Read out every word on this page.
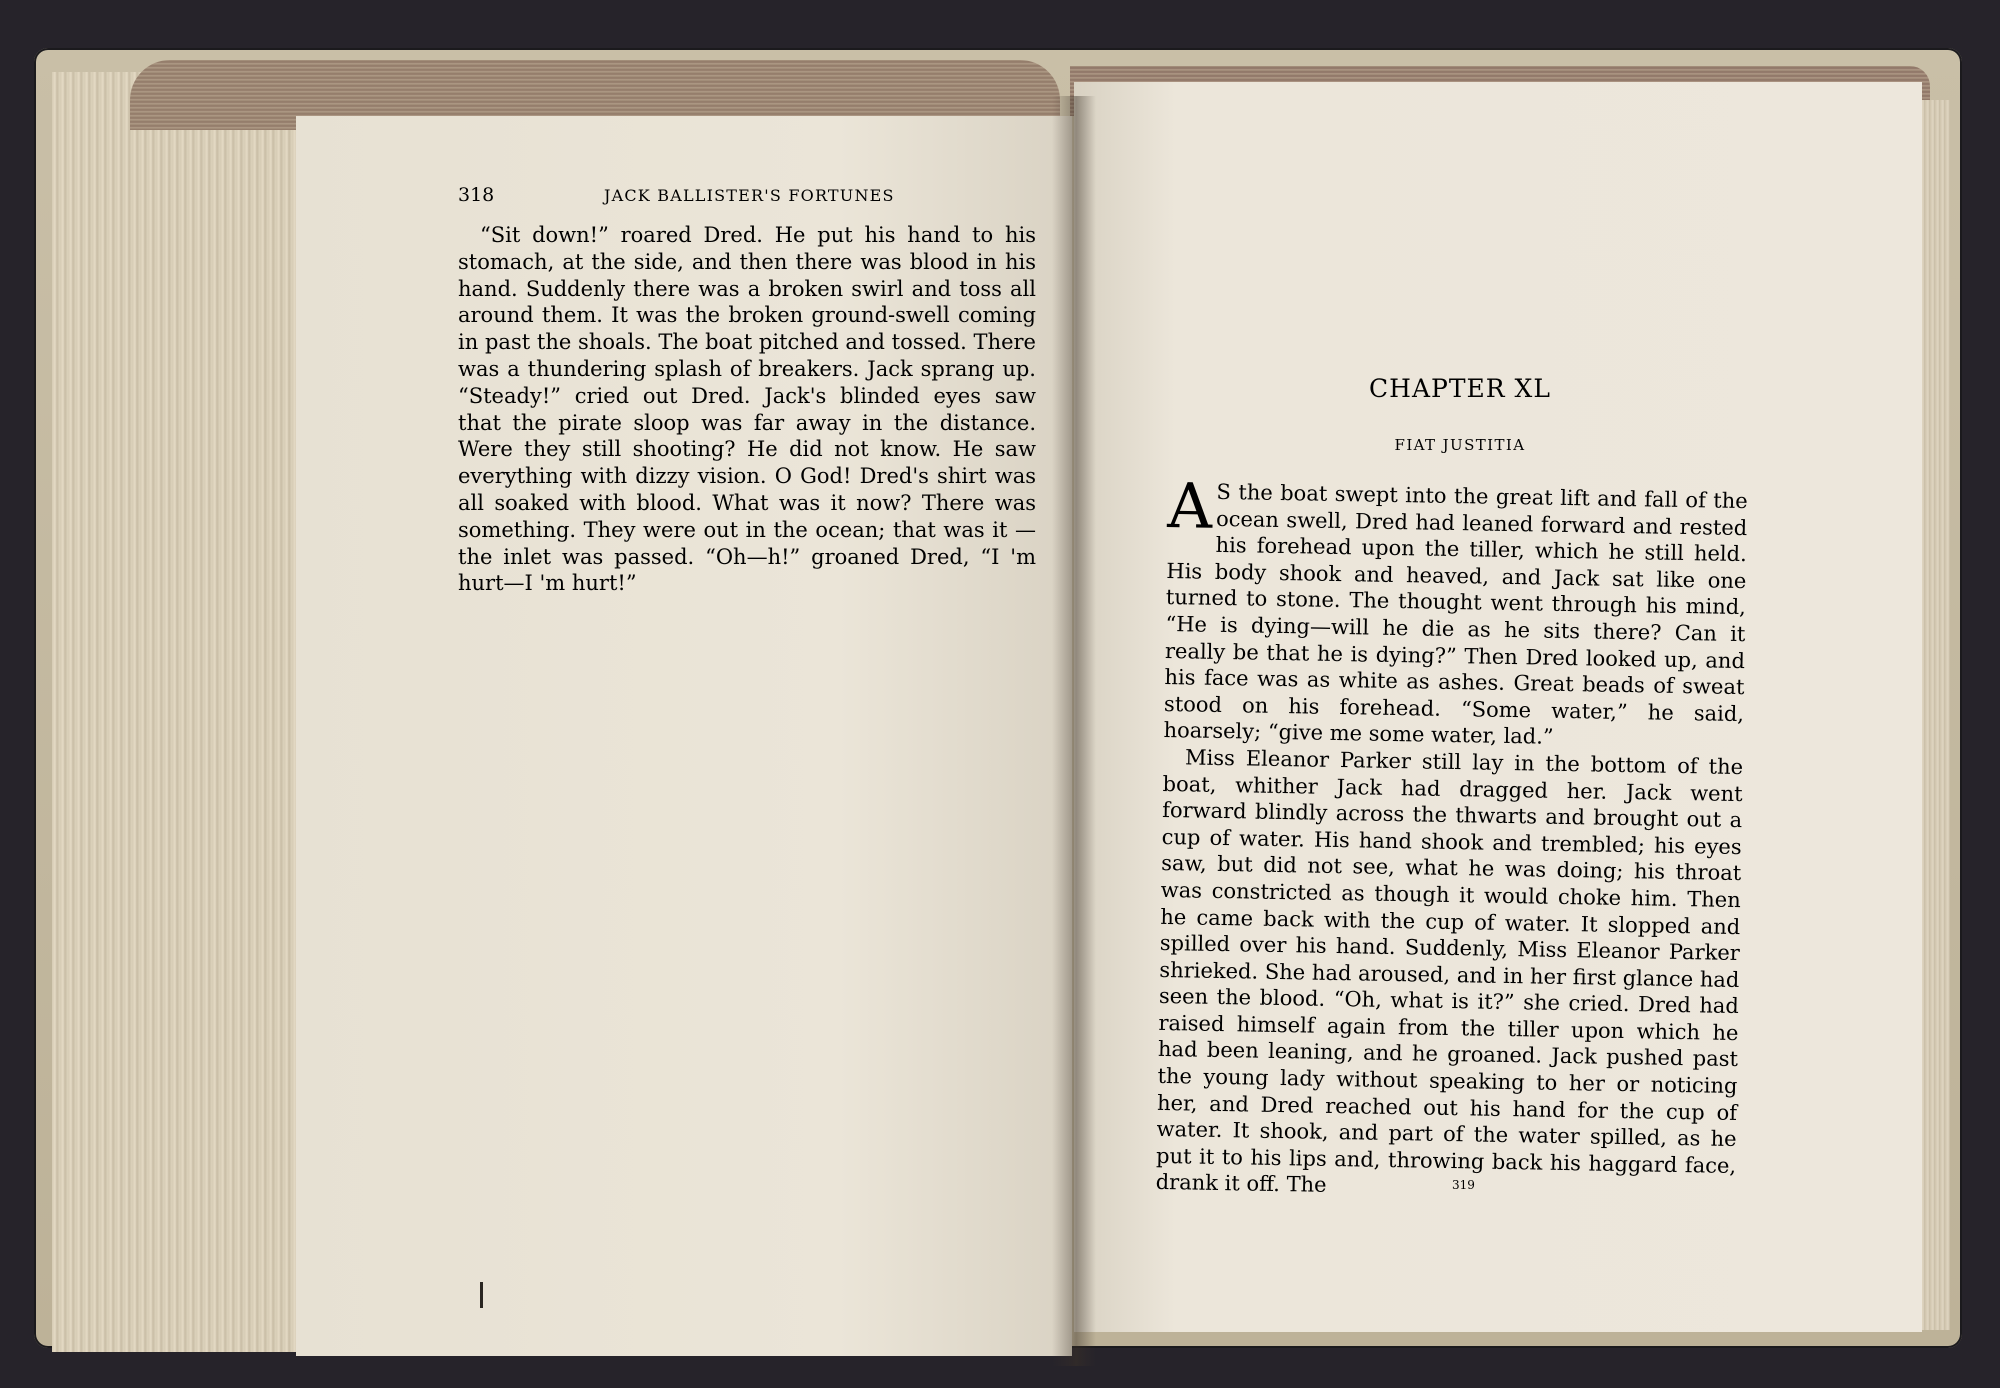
318	JACK BALLISTER'S FORTUNES

“Sit down!” roared Dred. He put his hand to his stomach, at the side, and then there was blood in his hand. Suddenly there was a broken swirl and toss all around them. It was the broken ground-swell coming in past the shoals. The boat pitched and tossed. There was a thundering splash of breakers. Jack sprang up. “Steady!” cried out Dred. Jack's blinded eyes saw that the pirate sloop was far away in the distance. Were they still shooting? He did not know. He saw everything with dizzy vision. O God! Dred's shirt was all soaked with blood. What was it now? There was something. They were out in the ocean; that was it —the inlet was passed. “Oh—h!” groaned Dred, “I 'm hurt—I 'm hurt!”

CHAPTER XL
FIAT JUSTITIA

A S the boat swept into the great lift and fall of the ocean swell, Dred had leaned forward and rested his forehead upon the tiller, which he still held. His body shook and heaved, and Jack sat like one turned to stone. The thought went through his mind, “He is dying—will he die as he sits there? Can it really be that he is dying?” Then Dred looked up, and his face was as white as ashes. Great beads of sweat stood on his forehead. “Some water,” he said, hoarsely; “give me some water, lad.”

Miss Eleanor Parker still lay in the bottom of the boat, whither Jack had dragged her. Jack went forward blindly across the thwarts and brought out a cup of water. His hand shook and trembled; his eyes saw, but did not see, what he was doing; his throat was constricted as though it would choke him. Then he came back with the cup of water. It slopped and spilled over his hand. Suddenly, Miss Eleanor Parker shrieked. She had aroused, and in her first glance had seen the blood. “Oh, what is it?” she cried. Dred had raised himself again from the tiller upon which he had been leaning, and he groaned. Jack pushed past the young lady without speaking to her or noticing her, and Dred reached out his hand for the cup of water. It shook, and part of the water spilled, as he put it to his lips and, throwing back his haggard face, drank it off. The	319
